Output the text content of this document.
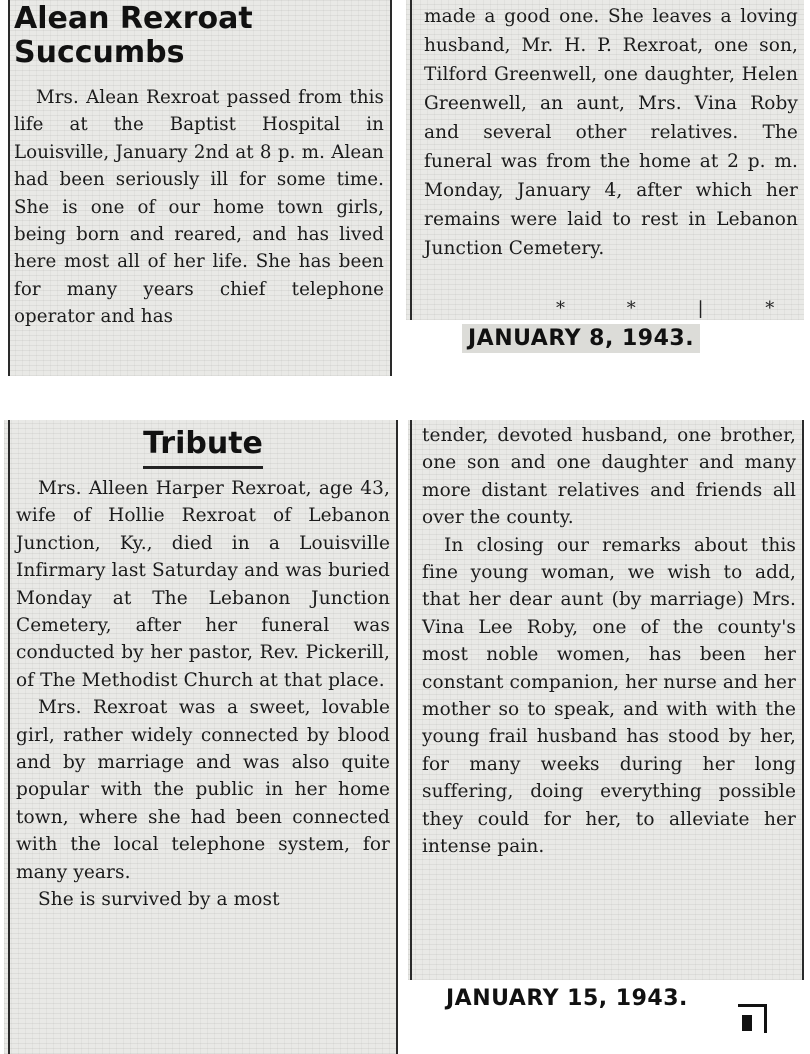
Alean Rexroat
Succumbs

Mrs. Alean Rexroat passed from this life at the Baptist Hospital in Louisville, January 2nd at 8 p. m. Alean had been seriously ill for some time. She is one of our home town girls, being born and reared, and has lived here most all of her life. She has been for many years chief telephone operator and has

made a good one. She leaves a loving husband, Mr. H. P. Rexroat, one son, Tilford Greenwell, one daughter, Helen Greenwell, an aunt, Mrs. Vina Roby and several other relatives. The funeral was from the home at 2 p. m. Monday, January 4, after which her remains were laid to rest in Lebanon Junction Cemetery.

* * | *
JANUARY 8, 1943.
Tribute

Mrs. Alleen Harper Rexroat, age 43, wife of Hollie Rexroat of Lebanon Junction, Ky., died in a Louisville Infirmary last Saturday and was buried Monday at The Lebanon Junction Cemetery, after her funeral was conducted by her pastor, Rev. Pickerill, of The Methodist Church at that place.

Mrs. Rexroat was a sweet, lovable girl, rather widely connected by blood and by marriage and was also quite popular with the public in her home town, where she had been connected with the local telephone system, for many years.

She is survived by a most

tender, devoted husband, one brother, one son and one daughter and many more distant relatives and friends all over the county.

In closing our remarks about this fine young woman, we wish to add, that her dear aunt (by marriage) Mrs. Vina Lee Roby, one of the county's most noble women, has been her constant companion, her nurse and her mother so to speak, and with with the young frail husband has stood by her, for many weeks during her long suffering, doing everything possible they could for her, to alleviate her intense pain.

JANUARY 15, 1943.
